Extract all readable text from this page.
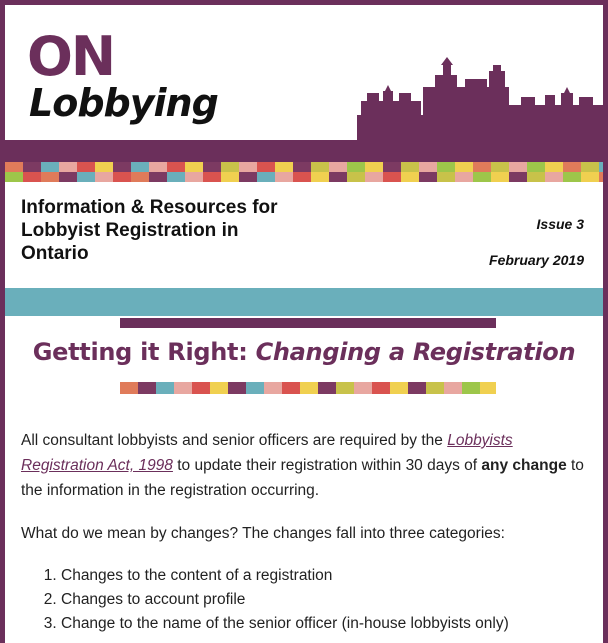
ON
Lobbying
Information & Resources for Lobbyist Registration in Ontario
Issue 3
February 2019
Getting it Right: Changing a Registration

All consultant lobbyists and senior officers are required by the Lobbyists Registration Act, 1998 to update their registration within 30 days of any change to the information in the registration occurring.

What do we mean by changes? The changes fall into three categories:

1. Changes to the content of a registration
2. Changes to account profile
3. Change to the name of the senior officer (in-house lobbyists only)
